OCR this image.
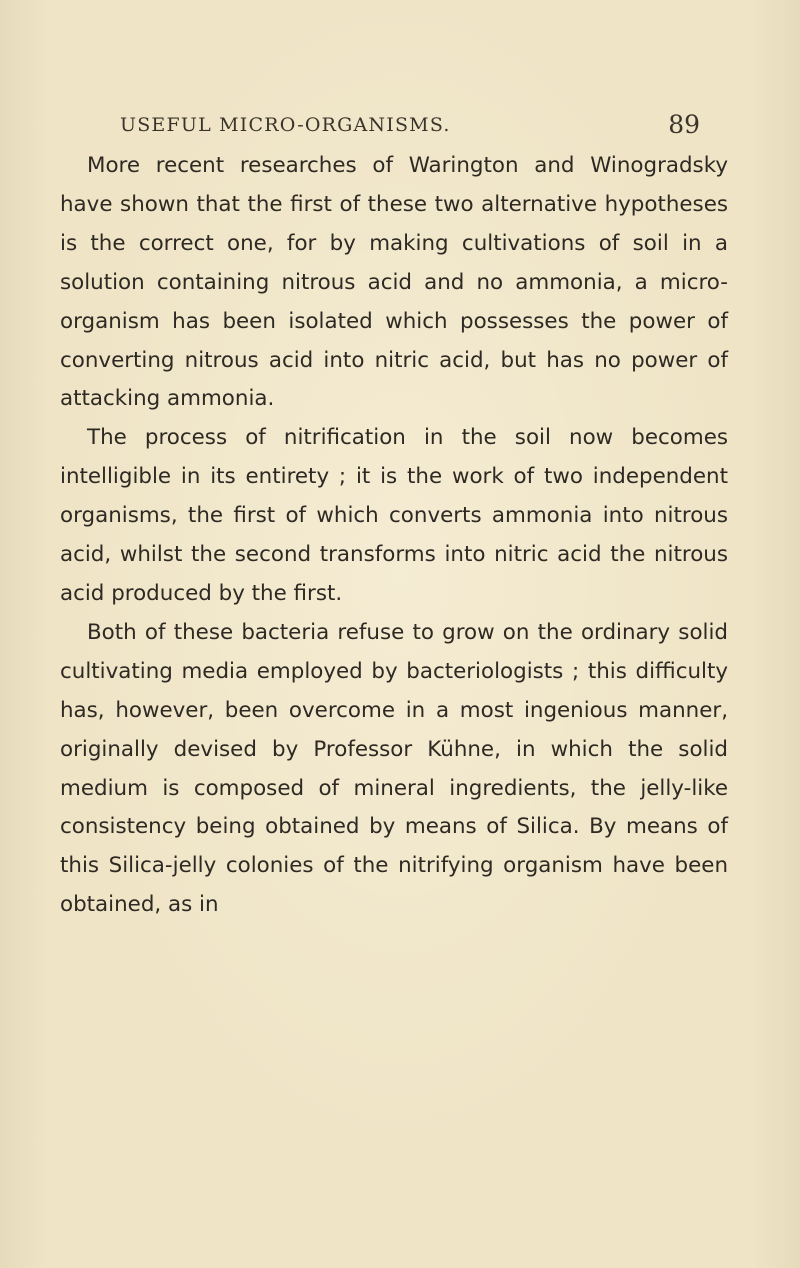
USEFUL MICRO-ORGANISMS.	89

More recent researches of Warington and Winogradsky have shown that the first of these two alternative hypotheses is the correct one, for by making cultivations of soil in a solution containing nitrous acid and no ammonia, a micro-organism has been isolated which possesses the power of converting nitrous acid into nitric acid, but has no power of attacking ammonia.

The process of nitrification in the soil now becomes intelligible in its entirety ; it is the work of two independent organisms, the first of which converts ammonia into nitrous acid, whilst the second transforms into nitric acid the nitrous acid produced by the first.

Both of these bacteria refuse to grow on the ordinary solid cultivating media employed by bacteriologists ; this difficulty has, however, been overcome in a most ingenious manner, originally devised by Professor Kühne, in which the solid medium is composed of mineral ingredients, the jelly-like consistency being obtained by means of Silica. By means of this Silica-jelly colonies of the nitrifying organism have been obtained, as in
